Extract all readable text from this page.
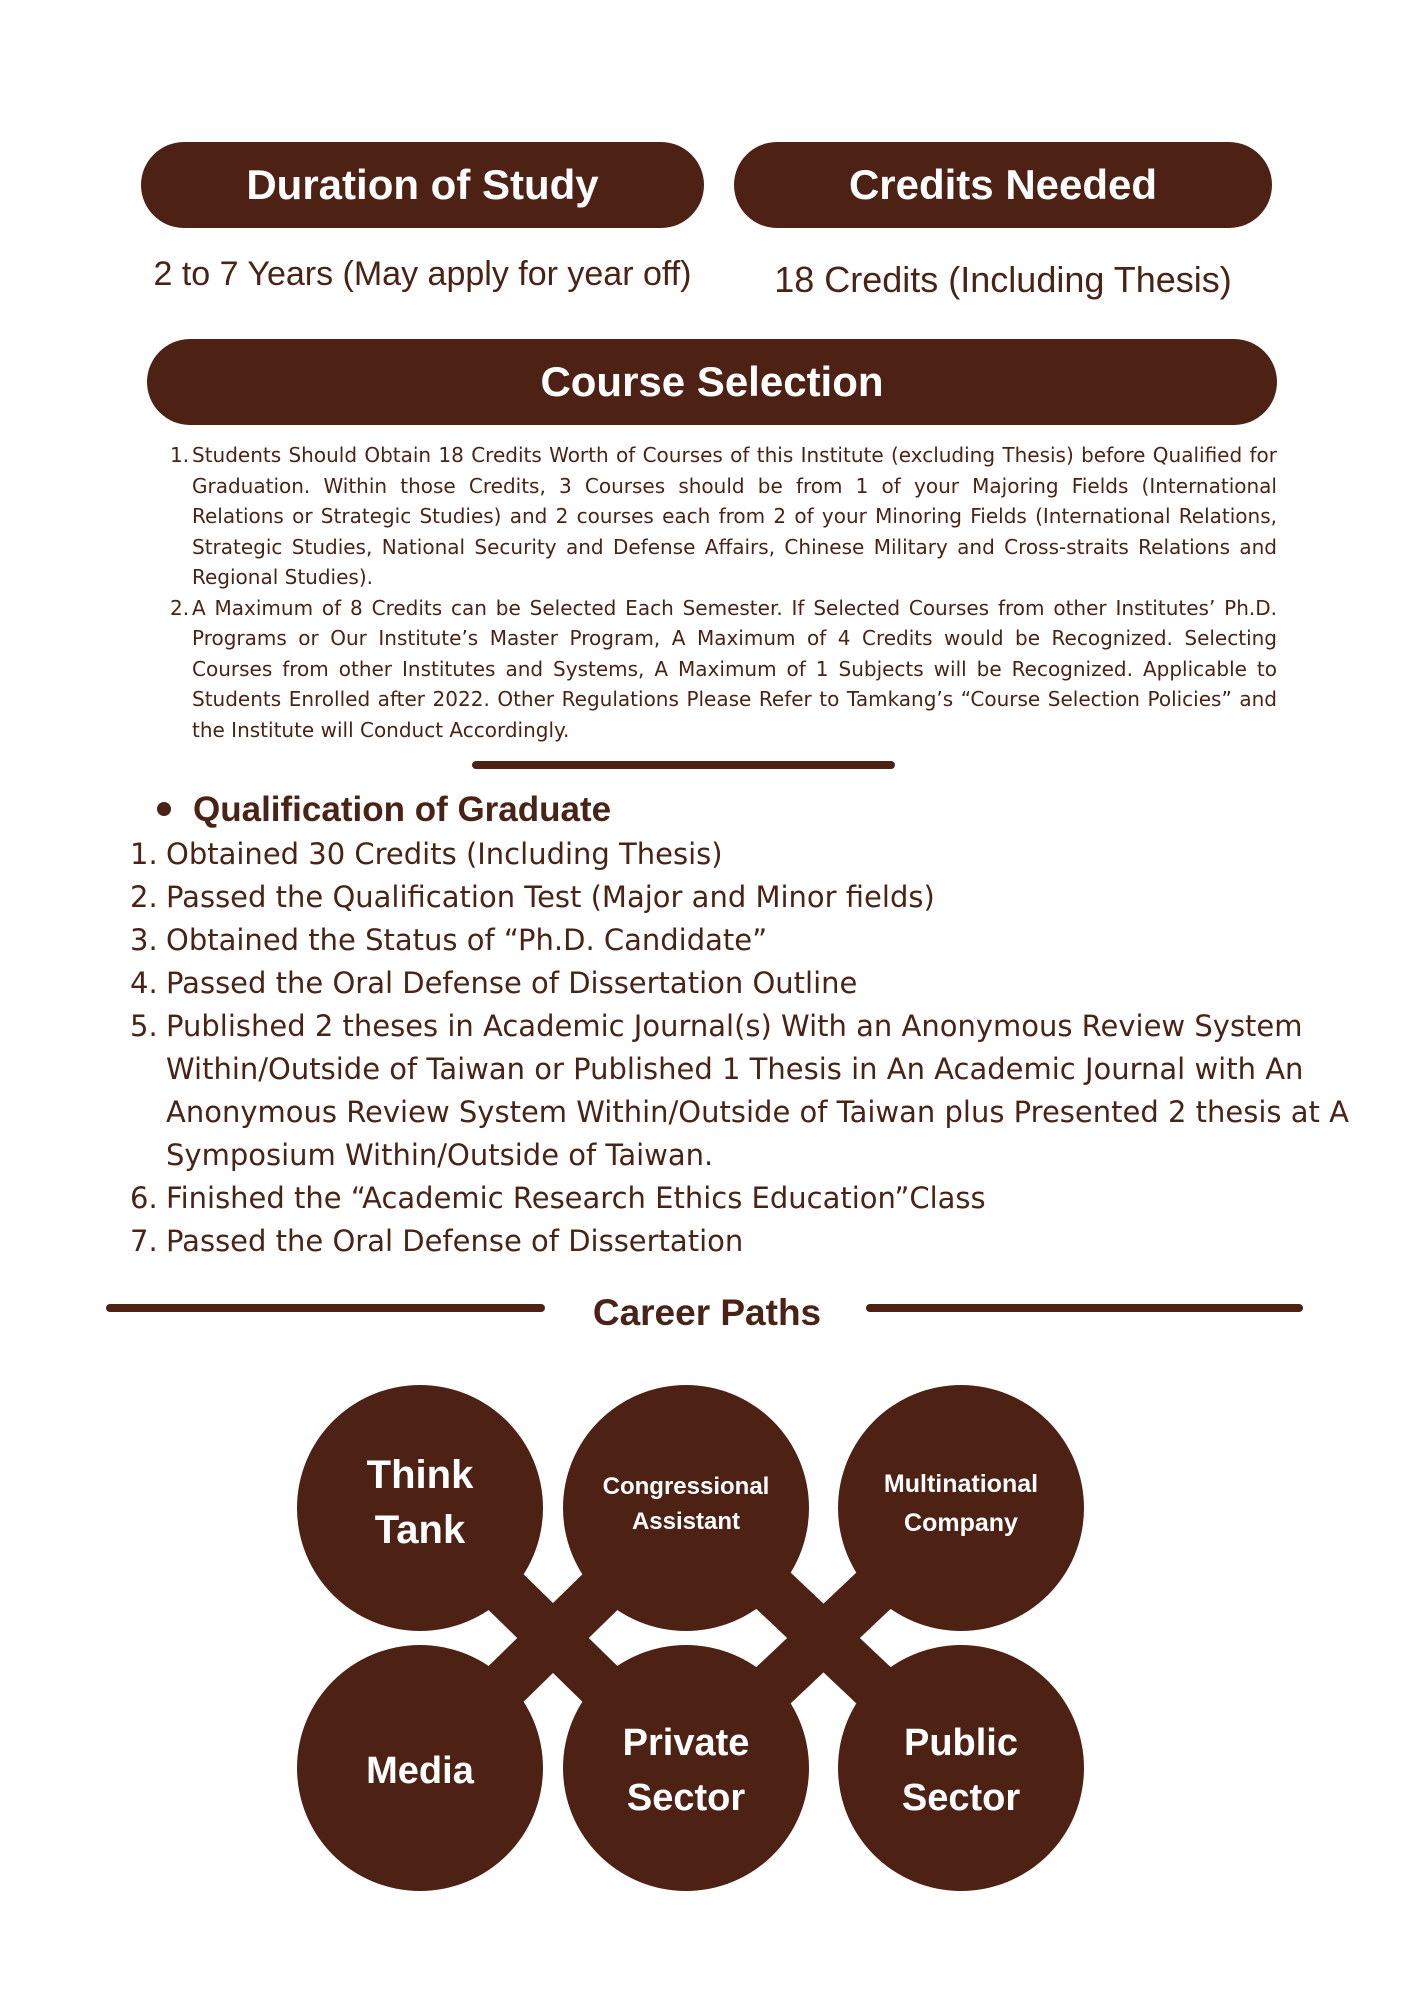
Duration of Study	Credits Needed
2 to 7 Years (May apply for year off)	18 Credits (Including Thesis)
Course Selection
1. Students Should Obtain 18 Credits Worth of Courses of this Institute (excluding Thesis) before Qualified for Graduation. Within those Credits, 3 Courses should be from 1 of your Majoring Fields (International Relations or Strategic Studies) and 2 courses each from 2 of your Minoring Fields (International Relations, Strategic Studies, National Security and Defense Affairs, Chinese Military and Cross-straits Relations and Regional Studies).
2. A Maximum of 8 Credits can be Selected Each Semester. If Selected Courses from other Institutes’ Ph.D. Programs or Our Institute’s Master Program, A Maximum of 4 Credits would be Recognized. Selecting Courses from other Institutes and Systems, A Maximum of 1 Subjects will be Recognized. Applicable to Students Enrolled after 2022. Other Regulations Please Refer to Tamkang’s “Course Selection Policies” and the Institute will Conduct Accordingly.
Qualification of Graduate
1. Obtained 30 Credits (Including Thesis)
2. Passed the Qualification Test (Major and Minor fields)
3. Obtained the Status of “Ph.D. Candidate”
4. Passed the Oral Defense of Dissertation Outline
5. Published 2 theses in Academic Journal(s) With an Anonymous Review System Within/Outside of Taiwan or Published 1 Thesis in An Academic Journal with An Anonymous Review System Within/Outside of Taiwan plus Presented 2 thesis at A Symposium Within/Outside of Taiwan.
6. Finished the “Academic Research Ethics Education”Class
7. Passed the Oral Defense of Dissertation
Career Paths
Think
Tank
Congressional
Assistant
Multinational
Company
Media
Private
Sector
Public
Sector
